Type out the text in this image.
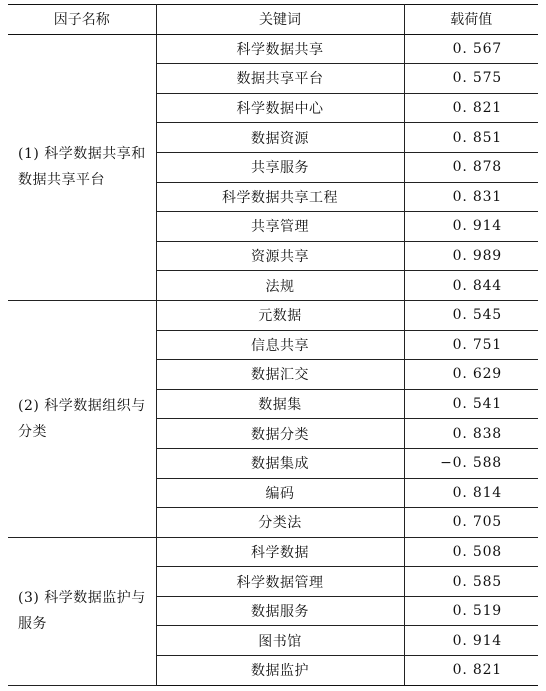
因子名称	关键词	载荷值
(1) 科学数据共享和数据共享平台	科学数据共享	0. 567
	数据共享平台	0. 575
	科学数据中心	0. 821
	数据资源	0. 851
	共享服务	0. 878
	科学数据共享工程	0. 831
	共享管理	0. 914
	资源共享	0. 989
	法规	0. 844
(2) 科学数据组织与分类	元数据	0. 545
	信息共享	0. 751
	数据汇交	0. 629
	数据集	0. 541
	数据分类	0. 838
	数据集成	−0. 588
	编码	0. 814
	分类法	0. 705
(3) 科学数据监护与服务	科学数据	0. 508
	科学数据管理	0. 585
	数据服务	0. 519
	图书馆	0. 914
	数据监护	0. 821
